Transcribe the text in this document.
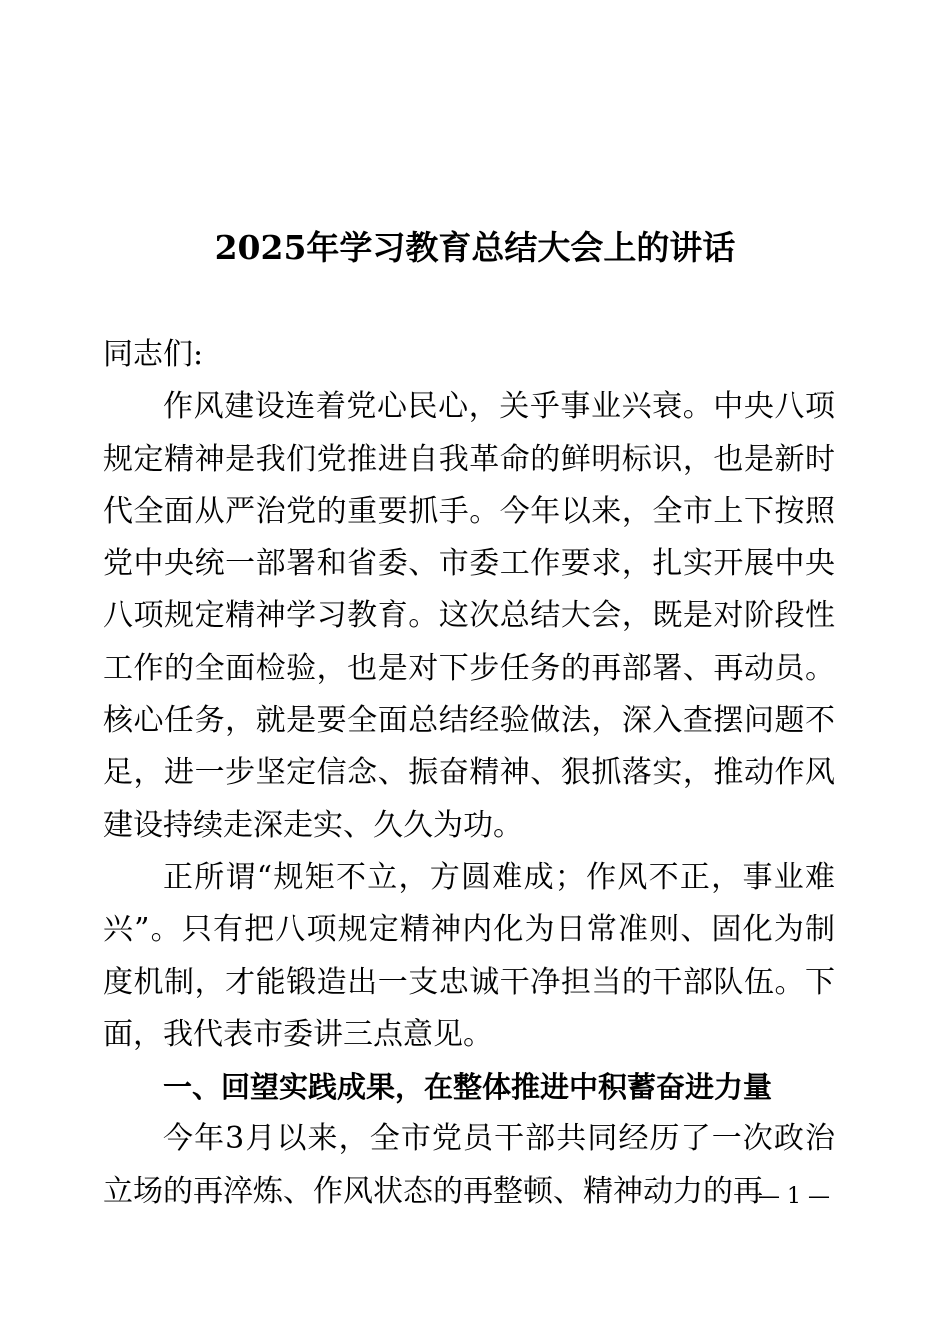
2025年学习教育总结大会上的讲话

同志们:

作风建设连着党心民心，关乎事业兴衰。中央八项规定精神是我们党推进自我革命的鲜明标识，也是新时代全面从严治党的重要抓手。今年以来，全市上下按照党中央统一部署和省委、市委工作要求，扎实开展中央八项规定精神学习教育。这次总结大会，既是对阶段性工作的全面检验，也是对下步任务的再部署、再动员。核心任务，就是要全面总结经验做法，深入查摆问题不足，进一步坚定信念、振奋精神、狠抓落实，推动作风建设持续走深走实、久久为功。

正所谓“规矩不立，方圆难成；作风不正，事业难兴”。只有把八项规定精神内化为日常准则、固化为制度机制，才能锻造出一支忠诚干净担当的干部队伍。下面，我代表市委讲三点意见。

一、回望实践成果，在整体推进中积蓄奋进力量

今年3月以来，全市党员干部共同经历了一次政治立场的再淬炼、作风状态的再整顿、精神动力的再

— 1 —
